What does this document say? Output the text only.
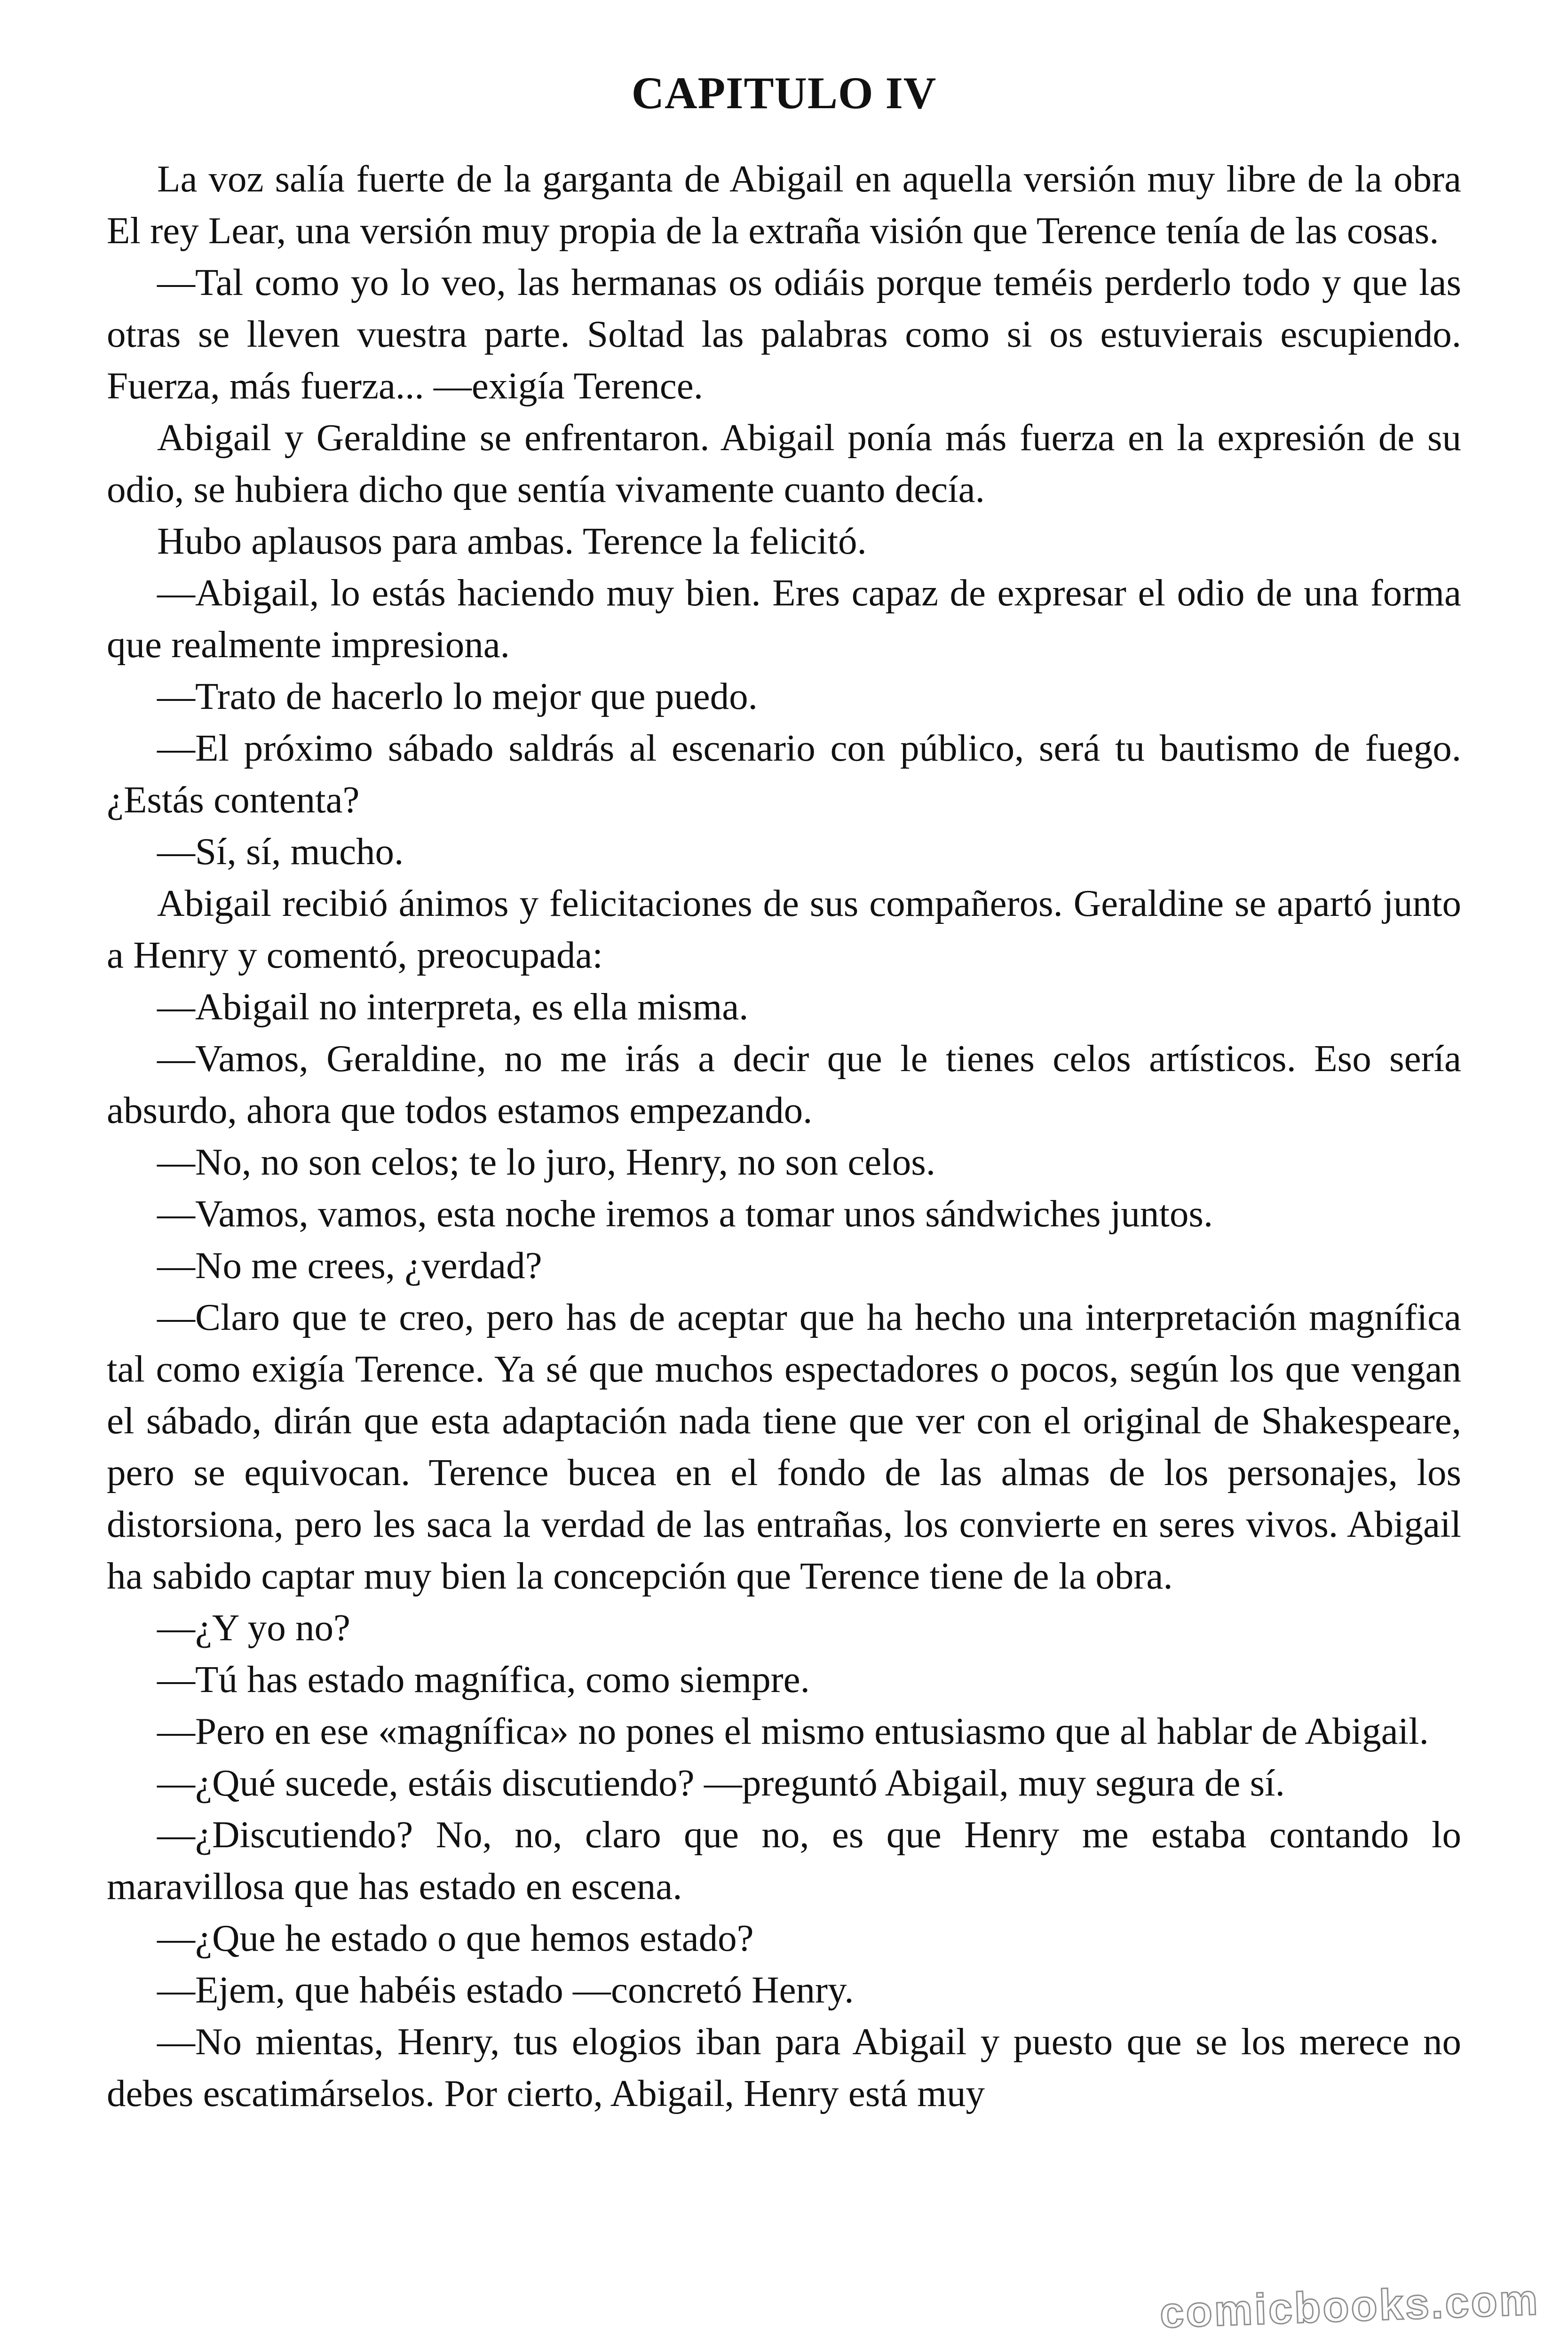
CAPITULO IV

La voz salía fuerte de la garganta de Abigail en aquella versión muy libre de la obra El rey Lear, una versión muy propia de la extraña visión que Terence tenía de las cosas.

—Tal como yo lo veo, las hermanas os odiáis porque teméis perderlo todo y que las otras se lleven vuestra parte. Soltad las palabras como si os estuvierais escupiendo. Fuerza, más fuerza... —exigía Terence.

Abigail y Geraldine se enfrentaron. Abigail ponía más fuerza en la expresión de su odio, se hubiera dicho que sentía vivamente cuanto decía.

Hubo aplausos para ambas. Terence la felicitó.

—Abigail, lo estás haciendo muy bien. Eres capaz de expresar el odio de una forma que realmente impresiona.

—Trato de hacerlo lo mejor que puedo.

—El próximo sábado saldrás al escenario con público, será tu bautismo de fuego. ¿Estás contenta?

—Sí, sí, mucho.

Abigail recibió ánimos y felicitaciones de sus compañeros. Geraldine se apartó junto a Henry y comentó, preocupada:

—Abigail no interpreta, es ella misma.

—Vamos, Geraldine, no me irás a decir que le tienes celos artísticos. Eso sería absurdo, ahora que todos estamos empezando.

—No, no son celos; te lo juro, Henry, no son celos.

—Vamos, vamos, esta noche iremos a tomar unos sándwiches juntos.

—No me crees, ¿verdad?

—Claro que te creo, pero has de aceptar que ha hecho una interpretación magnífica tal como exigía Terence. Ya sé que muchos espectadores o pocos, según los que vengan el sábado, dirán que esta adaptación nada tiene que ver con el original de Shakespeare, pero se equivocan. Terence bucea en el fondo de las almas de los personajes, los distorsiona, pero les saca la verdad de las entrañas, los convierte en seres vivos. Abigail ha sabido captar muy bien la concepción que Terence tiene de la obra.

—¿Y yo no?

—Tú has estado magnífica, como siempre.

—Pero en ese «magnífica» no pones el mismo entusiasmo que al hablar de Abigail.

—¿Qué sucede, estáis discutiendo? —preguntó Abigail, muy segura de sí.

—¿Discutiendo? No, no, claro que no, es que Henry me estaba contando lo maravillosa que has estado en escena.

—¿Que he estado o que hemos estado?

—Ejem, que habéis estado —concretó Henry.

—No mientas, Henry, tus elogios iban para Abigail y puesto que se los merece no debes escatimárselos. Por cierto, Abigail, Henry está muy

comicbooks.com
